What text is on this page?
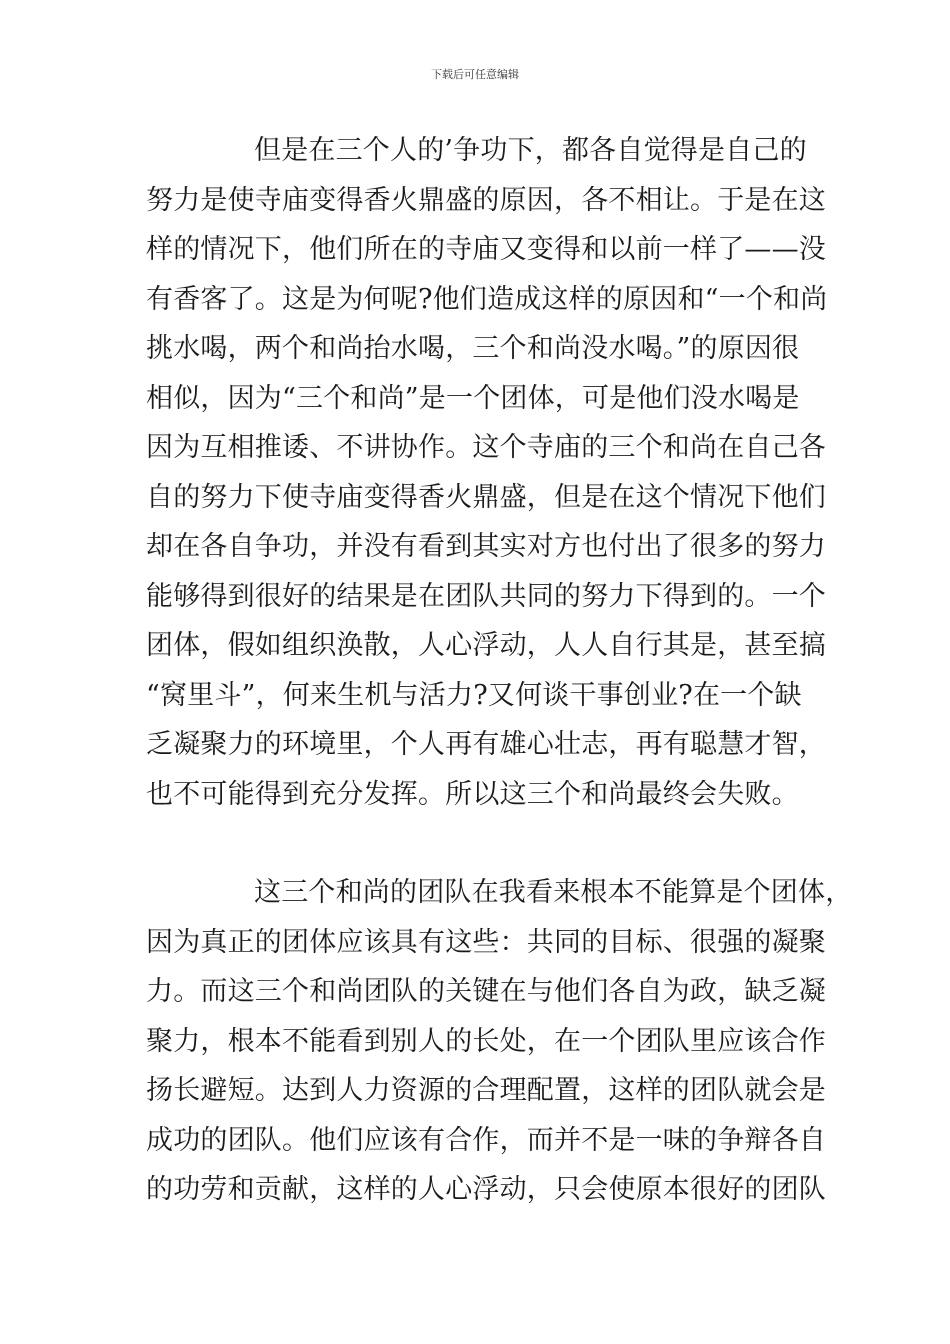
下载后可任意编辑
但是在三个人的’争功下，都各自觉得是自己的
努力是使寺庙变得香火鼎盛的原因，各不相让。于是在这
样的情况下，他们所在的寺庙又变得和以前一样了——没
有香客了。这是为何呢?他们造成这样的原因和“一个和尚
挑水喝，两个和尚抬水喝，三个和尚没水喝。”的原因很
相似，因为“三个和尚”是一个团体，可是他们没水喝是
因为互相推诿、不讲协作。这个寺庙的三个和尚在自己各
自的努力下使寺庙变得香火鼎盛，但是在这个情况下他们
却在各自争功，并没有看到其实对方也付出了很多的努力
能够得到很好的结果是在团队共同的努力下得到的。一个
团体，假如组织涣散，人心浮动，人人自行其是，甚至搞
“窝里斗”，何来生机与活力?又何谈干事创业?在一个缺
乏凝聚力的环境里，个人再有雄心壮志，再有聪慧才智，
也不可能得到充分发挥。所以这三个和尚最终会失败。
这三个和尚的团队在我看来根本不能算是个团体，
因为真正的团体应该具有这些：共同的目标、很强的凝聚
力。而这三个和尚团队的关键在与他们各自为政，缺乏凝
聚力，根本不能看到别人的长处，在一个团队里应该合作
扬长避短。达到人力资源的合理配置，这样的团队就会是
成功的团队。他们应该有合作，而并不是一味的争辩各自
的功劳和贡献，这样的人心浮动，只会使原本很好的团队
